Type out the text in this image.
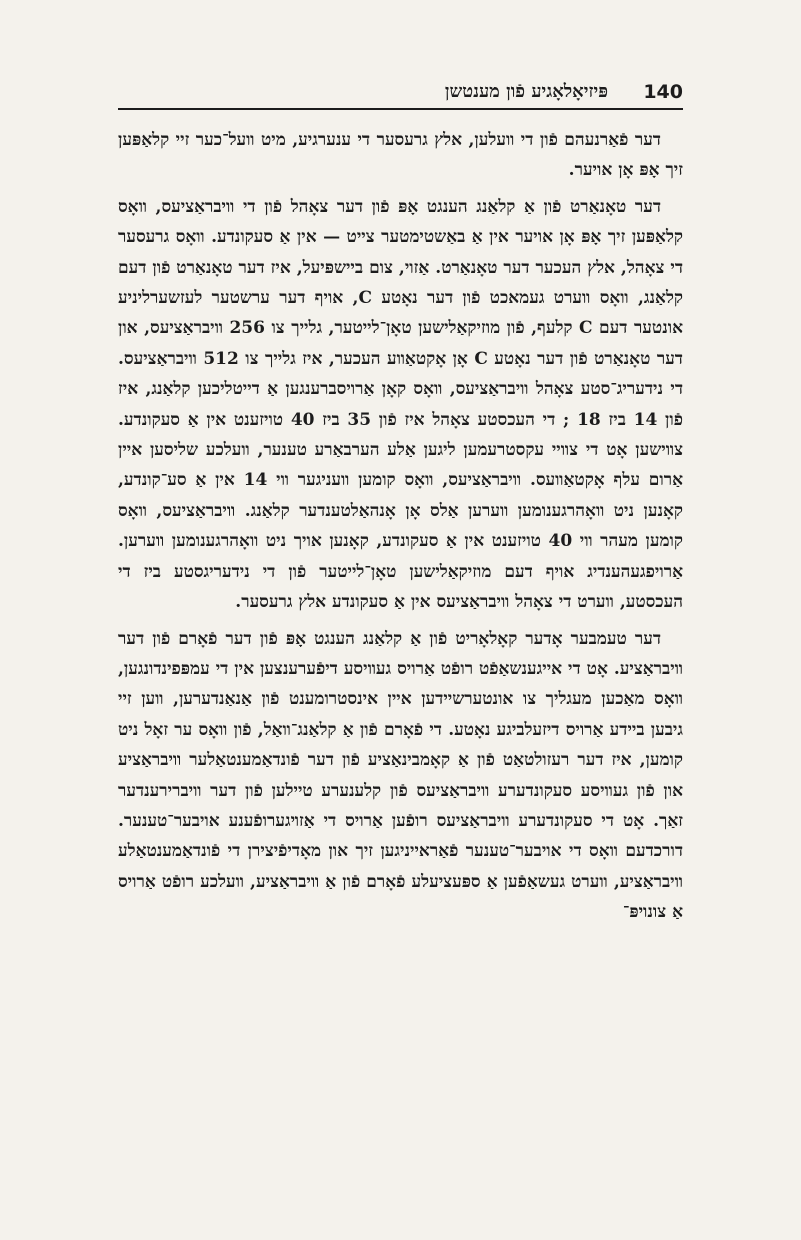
140
פּיזיאָלאָגיע פֿון מענטשן

דער פֿאַרנעהם פֿון די װעלען, אלץ גרעסער די ענערגיע, מיט װעל־כער זיי קלאַפּען זיך אָפּ אָן אויער.

דער טאָנאַרט פֿון אַ קלאַנג הענגט אָפּ פֿון דער צאָהל פֿון די װיבראַציעס, װאָס קלאַפּען זיך אָפּ אָן אויער אין אַ באַשטימטער צייט — אין אַ סעקונדע. װאָס גרעסער די צאָהל, אלץ העכער דער טאָנאַרט. אַזוי, צום ביישפּיעל, איז דער טאָנאַרט פֿון דעם קלאַנג, װאָס װערט געמאכט פֿון דער נאָטע C, אויף דער ערשטער לעזשערליניע אונטער דעם C קלעף, פֿון מוזיקאַלישען טאָן־לייטער, גלייך צו 256 װיבראַציעס, און דער טאָנאַרט פֿון דער נאָטע C אָן אָקטאַװע העכער, איז גלייך צו 512 װיבראַציעס. די נידעריג־סטע צאָהל װיבראַציעס, װאָס קאָן אַרויסברענגען אַ דייטליכען קלאַנג, איז פֿון 14 ביז 18 ; די העכסטע צאָהל איז פֿון 35 ביז 40 טויזענט אין אַ סעקונדע. צװישען אָט די צװיי עקסטרעמען ליגען אַלע הערבאַרע טענער, װעלכע שליסען איין אַרום עלף אָקטאַװעס. װיבראַציעס, װאָס קומען װעניגער װי 14 אין אַ סע־קונדע, קאָנען ניט װאָהרגענומען װערען אַלס אָן אָנהאַלטענדער קלאַנג. װיבראַציעס, װאָס קומען מעהר װי 40 טויזענט אין אַ סעקונדע, קאָנען אויך ניט װאָהרגענומען װערען. אַרויפגעהענדיג אויף דעם מוזיקאַלישען טאָן־לייטער פֿון די נידעריגסטע ביז די העכסטע, װערט די צאָהל װיבראַציעס אין אַ סעקונדע אלץ גרעסער.

דער טעמבער אָדער קאָלאָריט פֿון אַ קלאַנג הענגט אָפּ פֿון דער פֿאָרם פֿון דער װיבראַציע. אָט די אייגענשאַפֿט רופֿט אַרויס געװיסע דיפֿערענצען אין די עמפּפינדונגען, װאָס מאַכען מעגליך צו אונטערשיידען איין אינסטרומענט פֿון אַנאַנדערען, װען זיי גיבען ביידע אַרויס דיזעלביגע נאָטע. די פֿאָרם פֿון אַ קלאַנג־װאַל, פֿון װאָס ער זאָל ניט קומען, איז דער רעזולטאַט פֿון אַ קאָמבינאַציע פֿון דער פֿונדאַמענטאַלער װיבראַציע און פֿון געװיסע סעקונדערע װיבראַציעס פֿון קלענערע טיילען פֿון דער װיברירענדער זאַך. אָט די סעקונדערע װיבראַציעס רופֿען אַרויס די אַזױגערופֿענע אויבער־טענער. דורכדעם װאָס די אויבער־טענער פֿאַראייניגען זיך און מאָדיפֿיצירן די פֿונדאַמענטאַלע װיבראַציע, װערט געשאַפֿען אַ ספּעציעלע פֿאָרם פֿון אַ װיבראַציע, װעלכע רופֿט אַרויס אַ צונויפּ־
